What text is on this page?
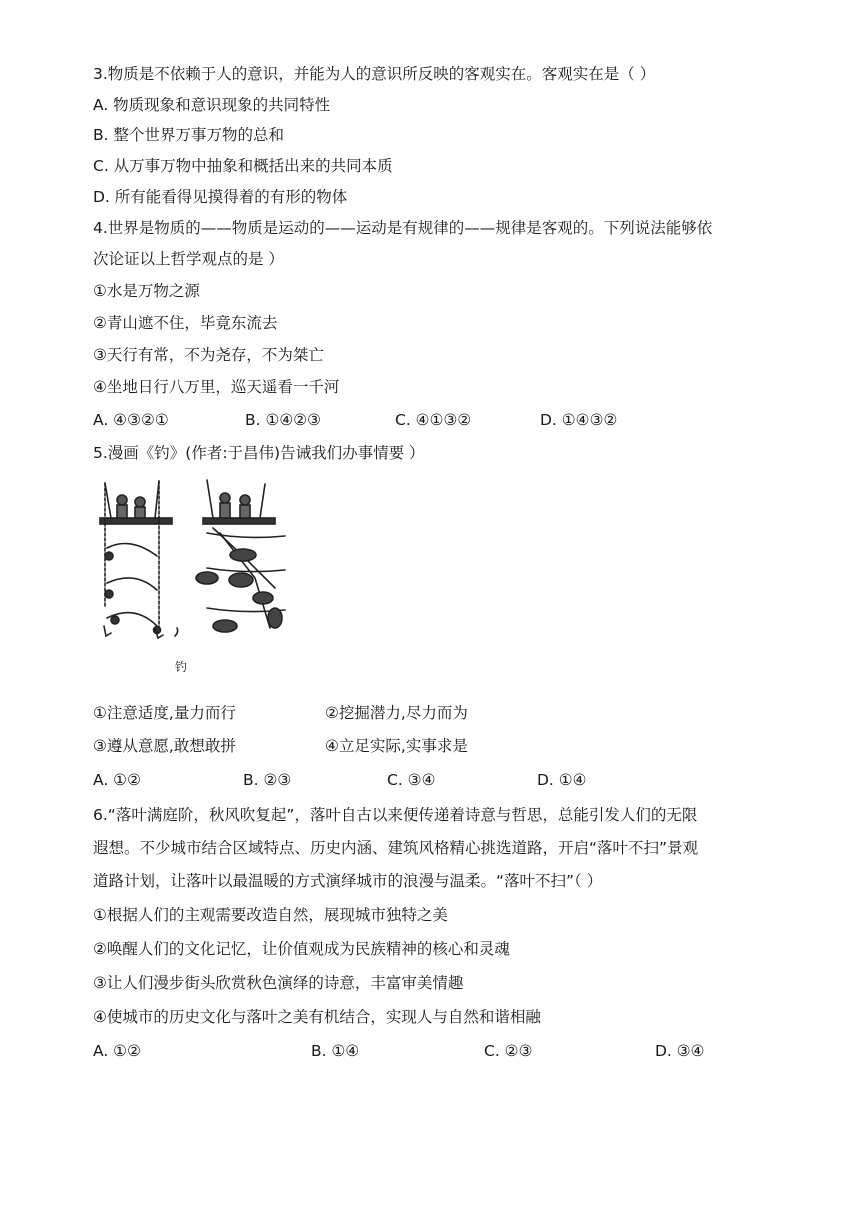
3.物质是不依赖于人的意识，并能为人的意识所反映的客观实在。客观实在是（ ）
A. 物质现象和意识现象的共同特性
B. 整个世界万事万物的总和
C. 从万事万物中抽象和概括出来的共同本质
D. 所有能看得见摸得着的有形的物体
4.世界是物质的——物质是运动的——运动是有规律的——规律是客观的。下列说法能够依
次论证以上哲学观点的是 ）
①水是万物之源
②青山遮不住，毕竟东流去
③天行有常，不为尧存，不为桀亡
④坐地日行八万里，巡天遥看一千河
A. ④③②①	B. ①④②③	C. ④①③②	D. ①④③②
5.漫画《钓》(作者:于昌伟)告诫我们办事情要 ）
钓
①注意适度,量力而行	②挖掘潜力,尽力而为
③遵从意愿,敢想敢拼	④立足实际,实事求是
A. ①②	B. ②③	C. ③④	D. ①④
6.“落叶满庭阶，秋风吹复起”，落叶自古以来便传递着诗意与哲思，总能引发人们的无限
遐想。不少城市结合区域特点、历史内涵、建筑风格精心挑选道路，开启“落叶不扫”景观
道路计划，让落叶以最温暖的方式演绎城市的浪漫与温柔。“落叶不扫”（ ）
①根据人们的主观需要改造自然，展现城市独特之美
②唤醒人们的文化记忆，让价值观成为民族精神的核心和灵魂
③让人们漫步街头欣赏秋色演绎的诗意，丰富审美情趣
④使城市的历史文化与落叶之美有机结合，实现人与自然和谐相融
A. ①②	B. ①④	C. ②③	D. ③④
